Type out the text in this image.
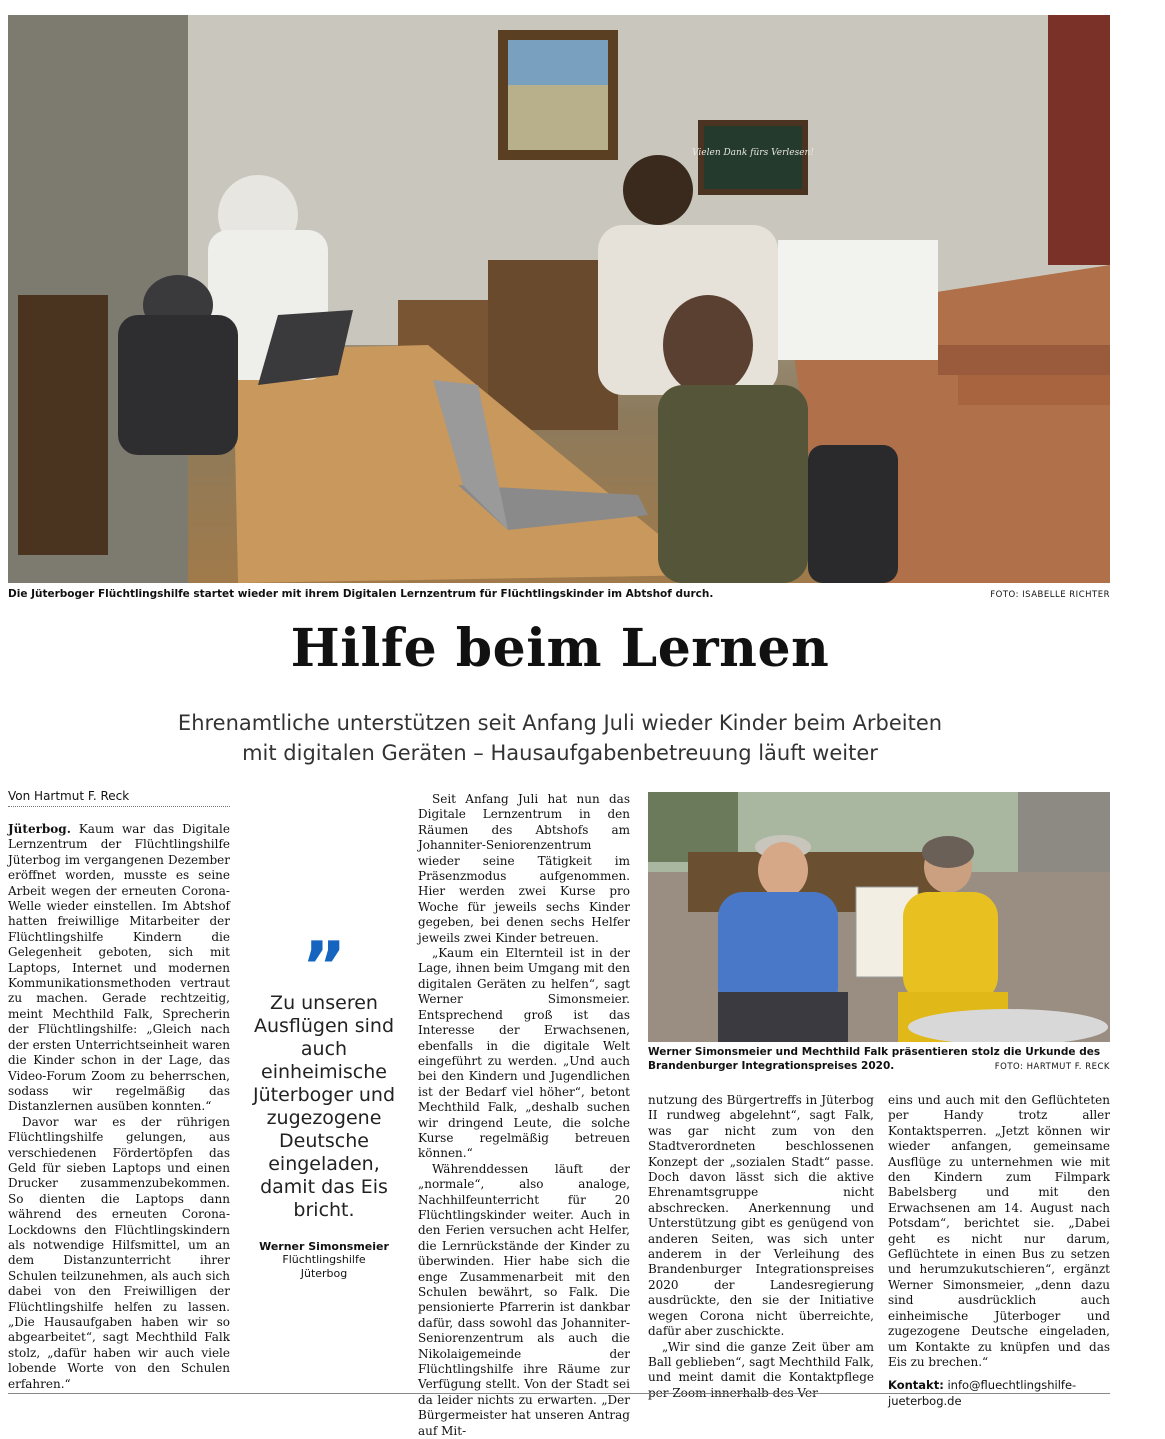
Vielen Dank fürs Verlesen!
Die Jüterboger Flüchtlingshilfe startet wieder mit ihrem Digitalen Lernzentrum für Flüchtlingskinder im Abtshof durch.	FOTO: ISABELLE RICHTER
Hilfe beim Lernen
Ehrenamtliche unterstützen seit Anfang Juli wieder Kinder beim Arbeiten
mit digitalen Geräten – Hausaufgabenbetreuung läuft weiter
Von Hartmut F. Reck

Jüterbog. Kaum war das Digitale Lernzentrum der Flüchtlingshilfe Jüterbog im vergangenen Dezember eröffnet worden, musste es seine Arbeit wegen der erneuten Corona-Welle wieder einstellen. Im Abtshof hatten freiwillige Mitarbeiter der Flüchtlingshilfe Kindern die Gelegenheit geboten, sich mit Laptops, Internet und modernen Kommunikationsmethoden vertraut zu machen. Gerade rechtzeitig, meint Mechthild Falk, Sprecherin der Flüchtlingshilfe: „Gleich nach der ersten Unterrichtseinheit waren die Kinder schon in der Lage, das Video-Forum Zoom zu beherrschen, sodass wir regelmäßig das Distanzlernen ausüben konnten.“

Davor war es der rührigen Flüchtlingshilfe gelungen, aus verschiedenen Fördertöpfen das Geld für sieben Laptops und einen Drucker zusammenzubekommen. So dienten die Laptops dann während des erneuten Corona-Lockdowns den Flüchtlingskindern als notwendige Hilfsmittel, um an dem Distanzunterricht ihrer Schulen teilzunehmen, als auch sich dabei von den Freiwilligen der Flüchtlingshilfe helfen zu lassen. „Die Hausaufgaben haben wir so abgearbeitet“, sagt Mechthild Falk stolz, „dafür haben wir auch viele lobende Worte von den Schulen erfahren.“

”
Zu unseren Ausflügen sind auch einheimische Jüterboger und zugezogene Deutsche eingeladen, damit das Eis bricht.
Werner Simonsmeier
Flüchtlingshilfe
Jüterbog

Seit Anfang Juli hat nun das Digitale Lernzentrum in den Räumen des Abtshofs am Johanniter-Seniorenzentrum wieder seine Tätigkeit im Präsenzmodus aufgenommen. Hier werden zwei Kurse pro Woche für jeweils sechs Kinder gegeben, bei denen sechs Helfer jeweils zwei Kinder betreuen.

„Kaum ein Elternteil ist in der Lage, ihnen beim Umgang mit den digitalen Geräten zu helfen“, sagt Werner Simonsmeier. Entsprechend groß ist das Interesse der Erwachsenen, ebenfalls in die digitale Welt eingeführt zu werden. „Und auch bei den Kindern und Jugendlichen ist der Bedarf viel höher“, betont Mechthild Falk, „deshalb suchen wir dringend Leute, die solche Kurse regelmäßig betreuen können.“

Währenddessen läuft der „normale“, also analoge, Nachhilfeunterricht für 20 Flüchtlingskinder weiter. Auch in den Ferien versuchen acht Helfer, die Lernrückstände der Kinder zu überwinden. Hier habe sich die enge Zusammenarbeit mit den Schulen bewährt, so Falk. Die pensionierte Pfarrerin ist dankbar dafür, dass sowohl das Johanniter-Seniorenzentrum als auch die Nikolaigemeinde der Flüchtlingshilfe ihre Räume zur Verfügung stellt. Von der Stadt sei da leider nichts zu erwarten. „Der Bürgermeister hat unseren Antrag auf Mit-

Werner Simonsmeier und Mechthild Falk präsentieren stolz die Urkunde des Brandenburger Integrationspreises 2020.	FOTO: HARTMUT F. RECK

nutzung des Bürgertreffs in Jüterbog II rundweg abgelehnt“, sagt Falk, was gar nicht zum von den Stadtverordneten beschlossenen Konzept der „sozialen Stadt“ passe. Doch davon lässt sich die aktive Ehrenamtsgruppe nicht abschrecken. Anerkennung und Unterstützung gibt es genügend von anderen Seiten, was sich unter anderem in der Verleihung des Brandenburger Integrationspreises 2020 der Landesregierung ausdrückte, den sie der Initiative wegen Corona nicht überreichte, dafür aber zuschickte.

„Wir sind die ganze Zeit über am Ball geblieben“, sagt Mechthild Falk, und meint damit die Kontaktpflege per Zoom innerhalb des Ver-

eins und auch mit den Geflüchteten per Handy trotz aller Kontaktsperren. „Jetzt können wir wieder anfangen, gemeinsame Ausflüge zu unternehmen wie mit den Kindern zum Filmpark Babelsberg und mit den Erwachsenen am 14. August nach Potsdam“, berichtet sie. „Dabei geht es nicht nur darum, Geflüchtete in einen Bus zu setzen und herumzukutschieren“, ergänzt Werner Simonsmeier, „denn dazu sind ausdrücklich auch einheimische Jüterboger und zugezogene Deutsche eingeladen, um Kontakte zu knüpfen und das Eis zu brechen.“

Kontakt: info@fluechtlingshilfe-jueterbog.de
